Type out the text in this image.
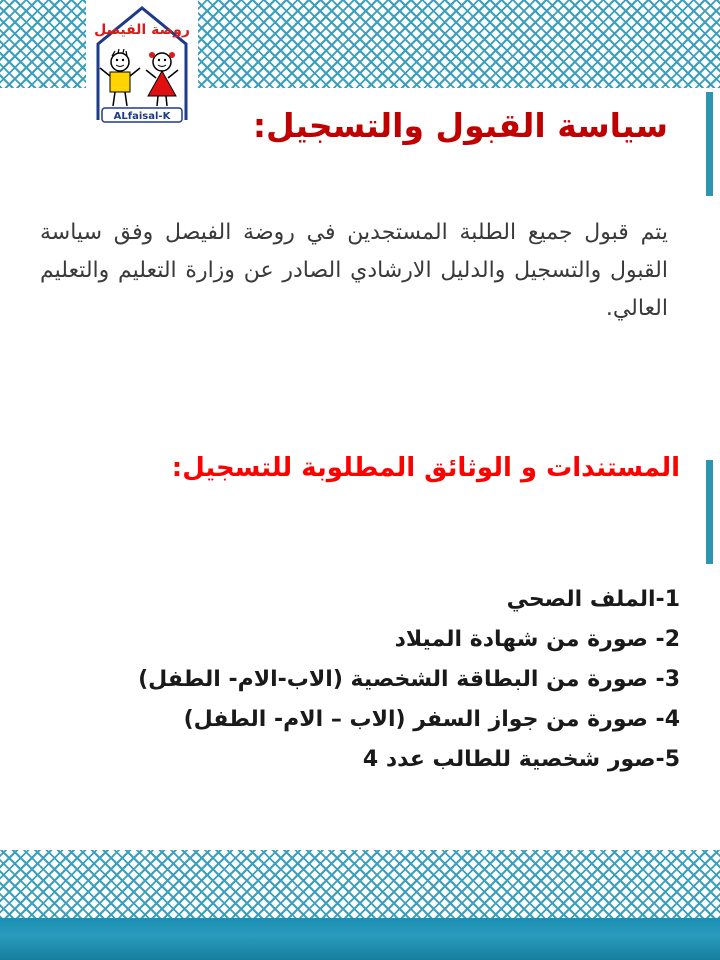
روضة الفيصل
ALfaisal-K سياسة القبول والتسجيل:

يتم قبول جميع الطلبة المستجدين في روضة الفيصل وفق سياسة القبول والتسجيل والدليل الارشادي الصادر عن وزارة التعليم والتعليم العالي.

المستندات و الوثائق المطلوبة للتسجيل:
1-الملف الصحي
2- صورة من شهادة الميلاد
3- صورة من البطاقة الشخصية (الاب-الام- الطفل)
4- صورة من جواز السفر (الاب – الام- الطفل)
5-صور شخصية للطالب عدد 4
